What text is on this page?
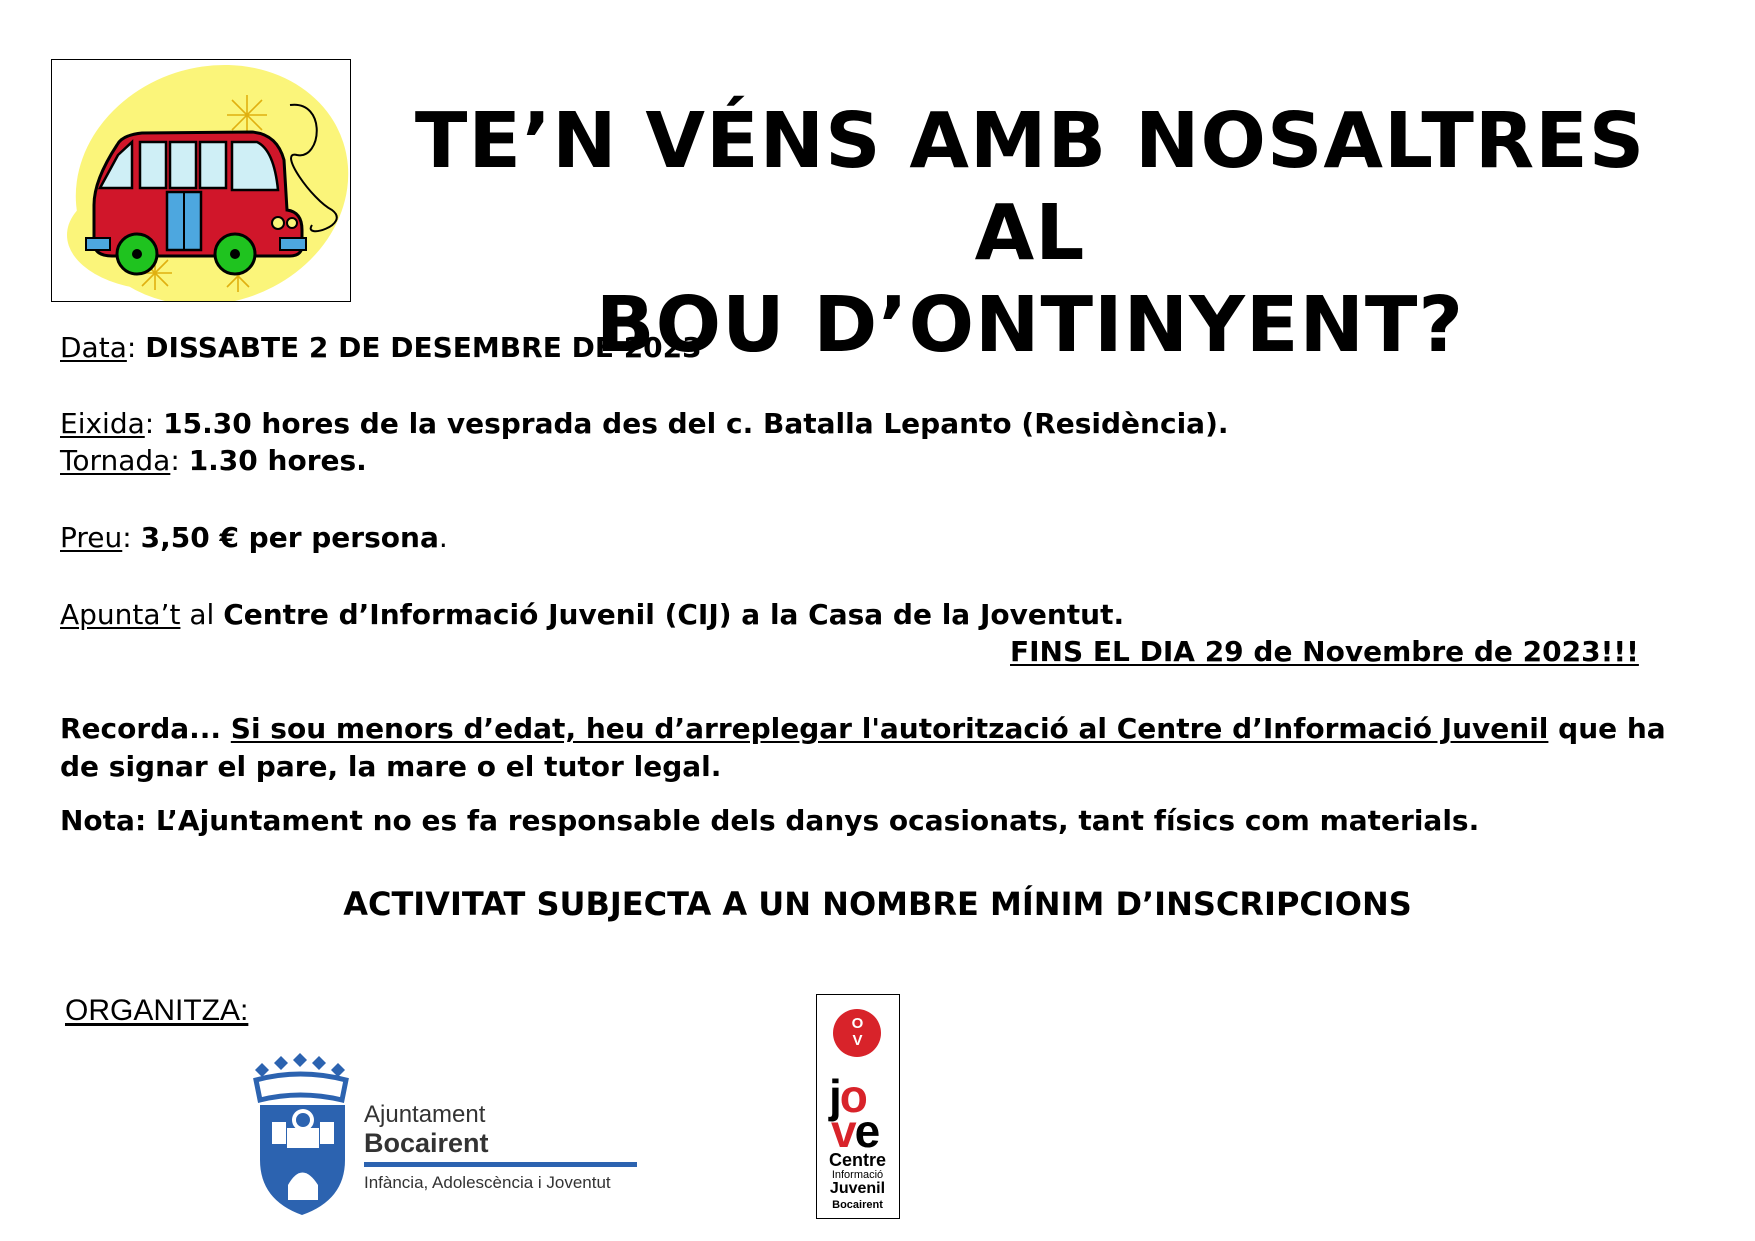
TE’N VÉNS AMB NOSALTRES AL
BOU D’ONTINYENT?
Data: DISSABTE 2 DE DESEMBRE DE 2023
Eixida: 15.30 hores de la vesprada des del c. Batalla Lepanto (Residència).
Tornada: 1.30 hores.
Preu: 3,50 € per persona.
Apunta’t al Centre d’Informació Juvenil (CIJ) a la Casa de la Joventut.
FINS EL DIA 29 de Novembre de 2023!!!
Recorda... Si sou menors d’edat, heu d’arreplegar l'autorització al Centre d’Informació Juvenil que ha
de signar el pare, la mare o el tutor legal.
Nota: L’Ajuntament no es fa responsable dels danys ocasionats, tant físics com materials.
ACTIVITAT SUBJECTA A UN NOMBRE MÍNIM D’INSCRIPCIONS
ORGANITZA:
Ajuntament
Bocairent
Infància, Adolescència i Joventut
OV
jo
ve
Centre
Informació
Juvenil
Bocairent
